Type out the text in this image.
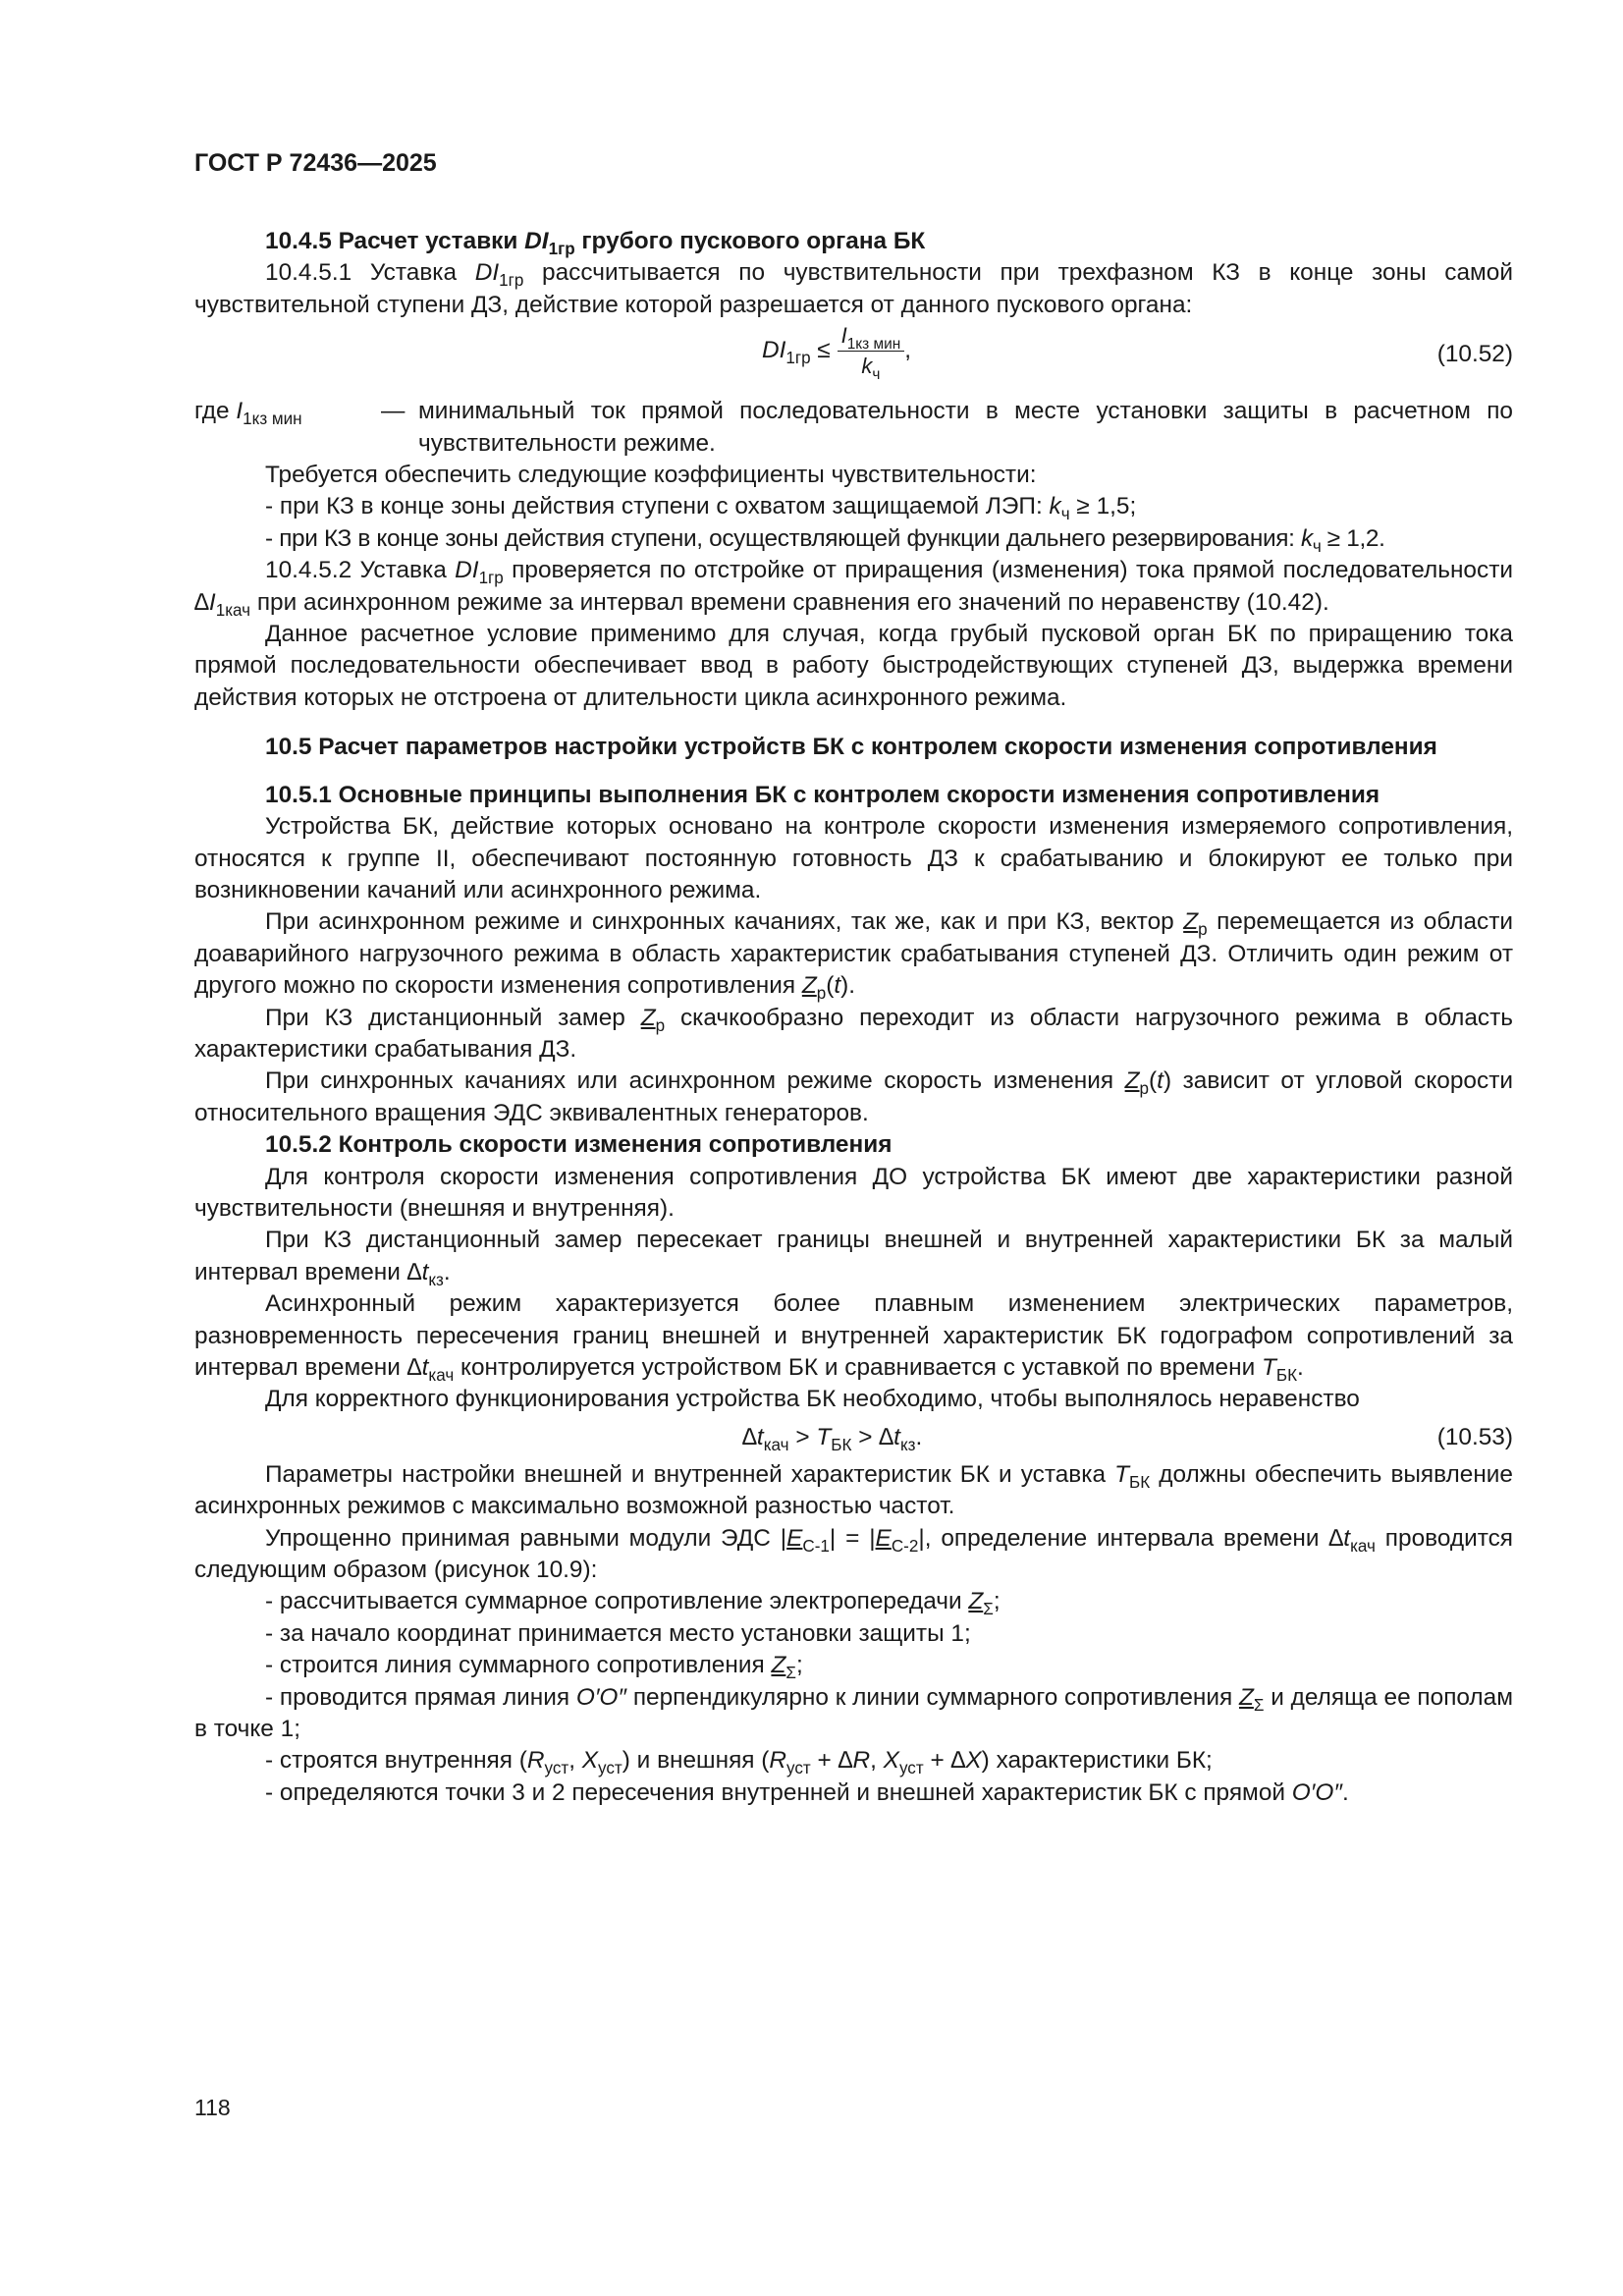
ГОСТ Р 72436—2025

10.4.5 Расчет уставки $DI_{1гр}$ грубого пускового органа БК

10.4.5.1 Уставка $DI_{1гр}$ рассчитывается по чувствительности при трехфазном КЗ в конце зоны самой чувствительной ступени ДЗ, действие которой разрешается от данного пускового органа:

$DI_{1гр} \le \frac{I_{1кз мин}}{k_ч}$ ,	(10.52)
где $I_{1кз мин}$	— минимальный ток прямой последовательности в месте установки защиты в расчетном по чувствительности режиме.

Требуется обеспечить следующие коэффициенты чувствительности:

- при КЗ в конце зоны действия ступени с охватом защищаемой ЛЭП: $k_ч \ge 1,5$;

- при КЗ в конце зоны действия ступени, осуществляющей функции дальнего резервирования: $k_ч \ge 1,2$.

10.4.5.2 Уставка $DI_{1гр}$ проверяется по отстройке от приращения (изменения) тока прямой последовательности $\Delta I_{1кач}$ при асинхронном режиме за интервал времени сравнения его значений по неравенству (10.42).

Данное расчетное условие применимо для случая, когда грубый пусковой орган БК по приращению тока прямой последовательности обеспечивает ввод в работу быстродействующих ступеней ДЗ, выдержка времени действия которых не отстроена от длительности цикла асинхронного режима.

10.5 Расчет параметров настройки устройств БК с контролем скорости изменения сопротивления

10.5.1 Основные принципы выполнения БК с контролем скорости изменения сопротивления

Устройства БК, действие которых основано на контроле скорости изменения измеряемого сопротивления, относятся к группе II, обеспечивают постоянную готовность ДЗ к срабатыванию и блокируют ее только при возникновении качаний или асинхронного режима.

При асинхронном режиме и синхронных качаниях, так же, как и при КЗ, вектор $Z_р$ перемещается из области доаварийного нагрузочного режима в область характеристик срабатывания ступеней ДЗ. Отличить один режим от другого можно по скорости изменения сопротивления $Z_р(t)$.

При КЗ дистанционный замер $Z_р$ скачкообразно переходит из области нагрузочного режима в область характеристики срабатывания ДЗ.

При синхронных качаниях или асинхронном режиме скорость изменения $Z_р(t)$ зависит от угловой скорости относительного вращения ЭДС эквивалентных генераторов.

10.5.2 Контроль скорости изменения сопротивления

Для контроля скорости изменения сопротивления ДО устройства БК имеют две характеристики разной чувствительности (внешняя и внутренняя).

При КЗ дистанционный замер пересекает границы внешней и внутренней характеристики БК за малый интервал времени $\Delta t_{кз}$.

Асинхронный режим характеризуется более плавным изменением электрических параметров, разновременность пересечения границ внешней и внутренней характеристик БК годографом сопротивлений за интервал времени $\Delta t_{кач}$ контролируется устройством БК и сравнивается с уставкой по времени $T_{БК}$.

Для корректного функционирования устройства БК необходимо, чтобы выполнялось неравенство

$\Delta t_{кач} > T_{БК} > \Delta t_{кз}$.	(10.53)

Параметры настройки внешней и внутренней характеристик БК и уставка $T_{БК}$ должны обеспечить выявление асинхронных режимов с максимально возможной разностью частот.

Упрощенно принимая равными модули ЭДС $|E_{С-1}| = |E_{С-2}|$, определение интервала времени $\Delta t_{кач}$ проводится следующим образом (рисунок 10.9):

- рассчитывается суммарное сопротивление электропередачи $Z_\Sigma$;

- за начало координат принимается место установки защиты 1;

- строится линия суммарного сопротивления $Z_\Sigma$;

- проводится прямая линия O′O″ перпендикулярно к линии суммарного сопротивления $Z_\Sigma$ и деляща ее пополам в точке 1;

- строятся внутренняя ($R_{уст}$, $X_{уст}$) и внешняя ($R_{уст} + \Delta R$, $X_{уст} + \Delta X$) характеристики БК;

- определяются точки 3 и 2 пересечения внутренней и внешней характеристик БК с прямой O′O″.

118
